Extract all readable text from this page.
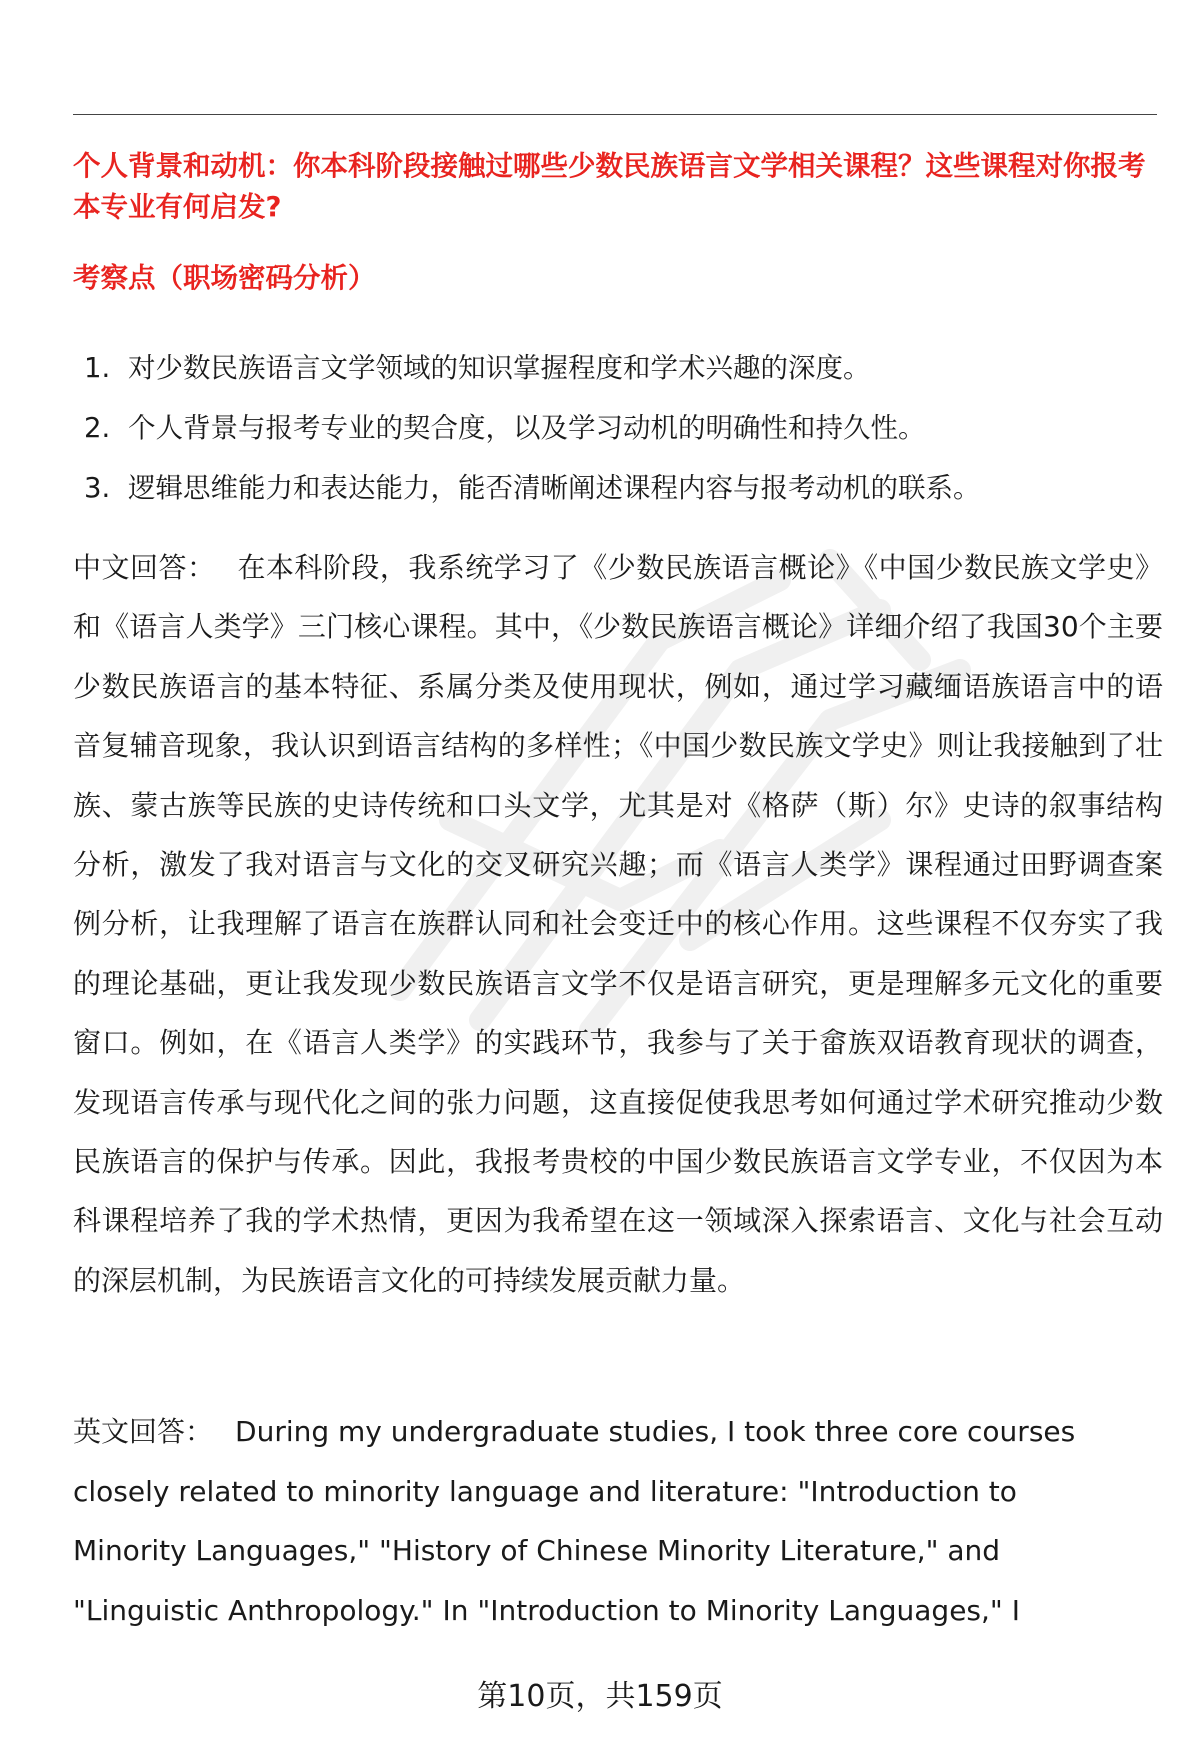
个人背景和动机：你本科阶段接触过哪些少数民族语言文学相关课程？这些课程对你报考本专业有何启发?
考察点（职场密码分析）
1. 对少数民族语言文学领域的知识掌握程度和学术兴趣的深度。
2. 个人背景与报考专业的契合度，以及学习动机的明确性和持久性。
3. 逻辑思维能力和表达能力，能否清晰阐述课程内容与报考动机的联系。

中文回答： 在本科阶段，我系统学习了《少数民族语言概论》《中国少数民族文学史》和《语言人类学》三门核心课程。其中，《少数民族语言概论》详细介绍了我国30个主要少数民族语言的基本特征、系属分类及使用现状，例如，通过学习藏缅语族语言中的语音复辅音现象，我认识到语言结构的多样性；《中国少数民族文学史》则让我接触到了壮族、蒙古族等民族的史诗传统和口头文学，尤其是对《格萨（斯）尔》史诗的叙事结构分析，激发了我对语言与文化的交叉研究兴趣；而《语言人类学》课程通过田野调查案例分析，让我理解了语言在族群认同和社会变迁中的核心作用。这些课程不仅夯实了我的理论基础，更让我发现少数民族语言文学不仅是语言研究，更是理解多元文化的重要窗口。例如，在《语言人类学》的实践环节，我参与了关于畲族双语教育现状的调查，发现语言传承与现代化之间的张力问题，这直接促使我思考如何通过学术研究推动少数民族语言的保护与传承。因此，我报考贵校的中国少数民族语言文学专业，不仅因为本科课程培养了我的学术热情，更因为我希望在这一领域深入探索语言、文化与社会互动的深层机制，为民族语言文化的可持续发展贡献力量。

英文回答： During my undergraduate studies, I took three core courses closely related to minority language and literature: "Introduction to Minority Languages," "History of Chinese Minority Literature," and "Linguistic Anthropology." In "Introduction to Minority Languages," I

第10页，共159页
